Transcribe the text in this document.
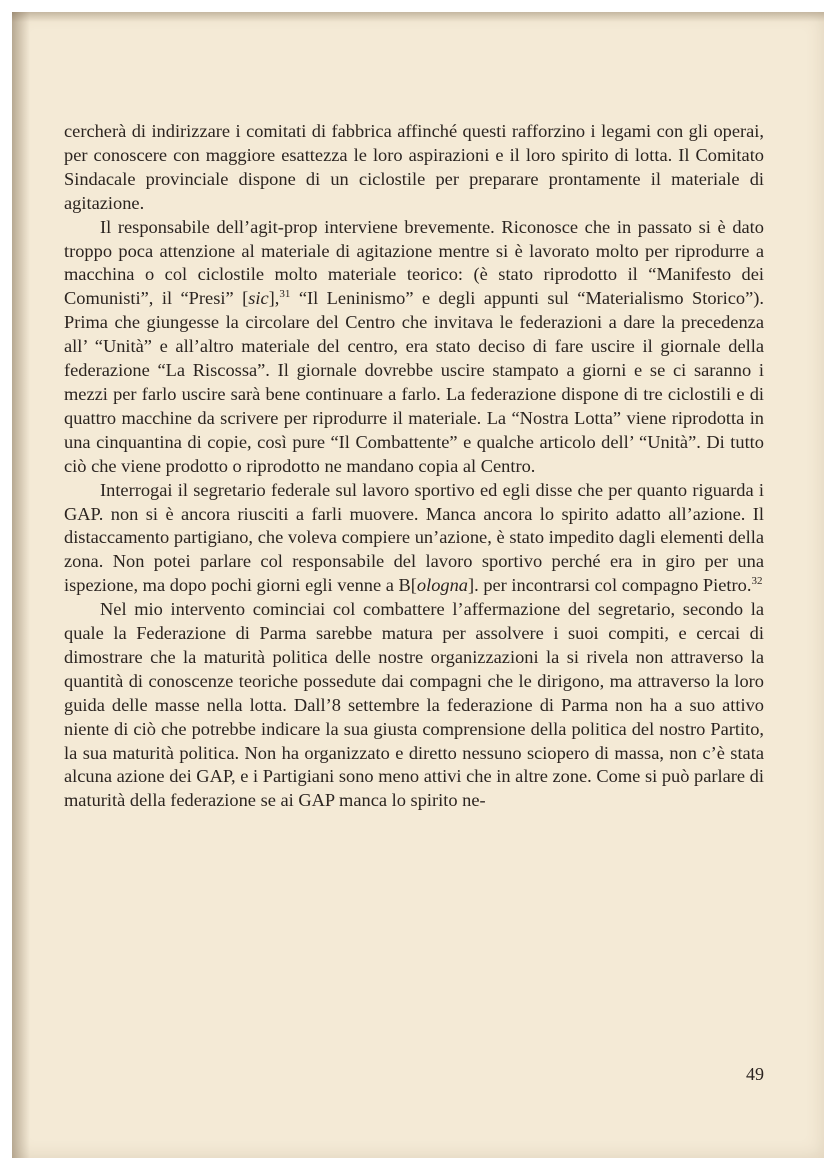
cercherà di indirizzare i comitati di fabbrica affinché questi rafforzino i legami con gli operai, per conoscere con maggiore esattezza le loro aspirazioni e il loro spirito di lotta. Il Comitato Sindacale provinciale dispone di un ciclostile per preparare prontamente il materiale di agitazione.

Il responsabile dell’agit-prop interviene brevemente. Riconosce che in passato si è dato troppo poca attenzione al materiale di agitazione mentre si è lavorato molto per riprodurre a macchina o col ciclostile molto materiale teorico: (è stato riprodotto il “Manifesto dei Comunisti”, il “Presi” [sic],$^{31}$ “Il Leninismo” e degli appunti sul “Materialismo Storico”). Prima che giungesse la circolare del Centro che invitava le federazioni a dare la precedenza all’ “Unità” e all’altro materiale del centro, era stato deciso di fare uscire il giornale della federazione “La Riscossa”. Il giornale dovrebbe uscire stampato a giorni e se ci saranno i mezzi per farlo uscire sarà bene continuare a farlo. La federazione dispone di tre ciclostili e di quattro macchine da scrivere per riprodurre il materiale. La “Nostra Lotta” viene riprodotta in una cinquantina di copie, così pure “Il Combattente” e qualche articolo dell’ “Unità”. Di tutto ciò che viene prodotto o riprodotto ne mandano copia al Centro.

Interrogai il segretario federale sul lavoro sportivo ed egli disse che per quanto riguarda i GAP. non si è ancora riusciti a farli muovere. Manca ancora lo spirito adatto all’azione. Il distaccamento partigiano, che voleva compiere un’azione, è stato impedito dagli elementi della zona. Non potei parlare col responsabile del lavoro sportivo perché era in giro per una ispezione, ma dopo pochi giorni egli venne a B[ologna]. per incontrarsi col compagno Pietro.$^{32}$

Nel mio intervento cominciai col combattere l’affermazione del segretario, secondo la quale la Federazione di Parma sarebbe matura per assolvere i suoi compiti, e cercai di dimostrare che la maturità politica delle nostre organizzazioni la si rivela non attraverso la quantità di conoscenze teoriche possedute dai compagni che le dirigono, ma attraverso la loro guida delle masse nella lotta. Dall’8 settembre la federazione di Parma non ha a suo attivo niente di ciò che potrebbe indicare la sua giusta comprensione della politica del nostro Partito, la sua maturità politica. Non ha organizzato e diretto nessuno sciopero di massa, non c’è stata alcuna azione dei GAP, e i Partigiani sono meno attivi che in altre zone. Come si può parlare di maturità della federazione se ai GAP manca lo spirito ne-

49
